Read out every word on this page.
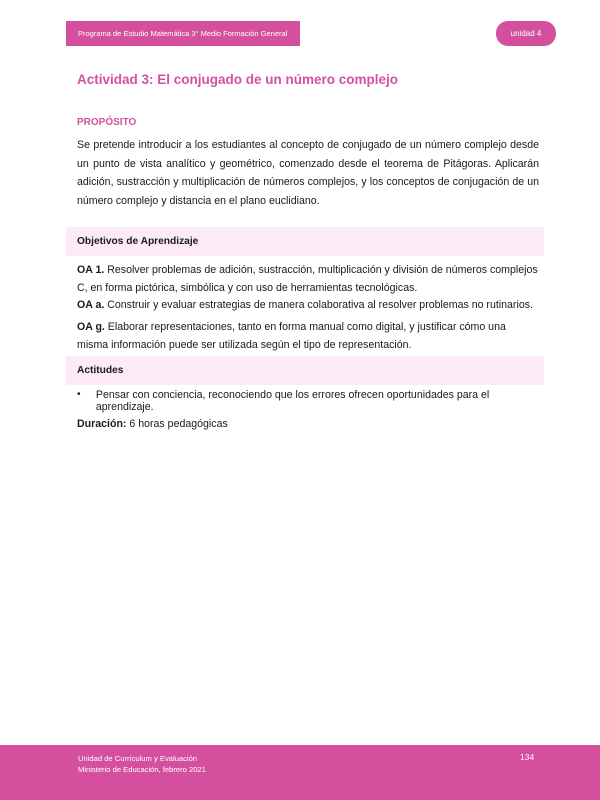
Programa de Estudio Matemática 3° Medio Formación General	unidad 4
Actividad 3: El conjugado de un número complejo
PROPÓSITO

Se pretende introducir a los estudiantes al concepto de conjugado de un número complejo desde un punto de vista analítico y geométrico, comenzado desde el teorema de Pitágoras. Aplicarán adición, sustracción y multiplicación de números complejos, y los conceptos de conjugación de un número complejo y distancia en el plano euclidiano.

Objetivos de Aprendizaje

OA 1. Resolver problemas de adición, sustracción, multiplicación y división de números complejos C, en forma pictórica, simbólica y con uso de herramientas tecnológicas.

OA a. Construir y evaluar estrategias de manera colaborativa al resolver problemas no rutinarios.

OA g. Elaborar representaciones, tanto en forma manual como digital, y justificar cómo una misma información puede ser utilizada según el tipo de representación.

Actitudes
•	Pensar con conciencia, reconociendo que los errores ofrecen oportunidades para el aprendizaje.
Duración: 6 horas pedagógicas
Unidad de Currículum y Evaluación
Ministerio de Educación, febrero 2021
134
